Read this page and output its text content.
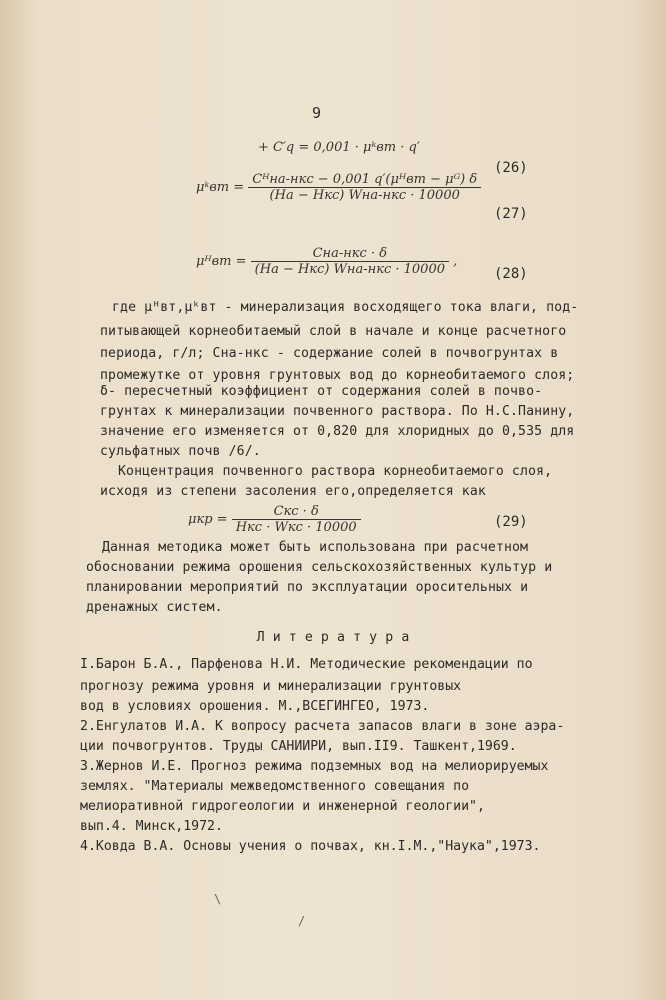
9
+ C′q = 0,001 · μᵏвт · q′
μᵏвт = $\frac{\text{Cᴴна-нкс − 0,001 q′(μᴴвт − μᴳ) δ}}{\text{(Hа − Hкс) Wна-нкс · 10000}}$
(26)
(27)
μᴴвт = $\frac{\text{Cна-нкс · δ}}{\text{(Hа − Hкс) Wна-нкс · 10000}}$ ,
(28)
где μᴴвт,μᵏвт - минерализация восходящего тока влаги, под-
питывающей корнеобитаемый слой в начале и конце расчетного
периода, г/л; Cна-нкс - содержание солей в почвогрунтах в
промежутке от уровня грунтовых вод до корнеобитаемого слоя;
δ- пересчетный коэффициент от содержания солей в почво-
грунтах к минерализации почвенного раствора. По Н.С.Панину,
значение его изменяется от 0,820 для хлоридных до 0,535 для
сульфатных почв /6/.
Концентрация почвенного раствора корнеобитаемого слоя,
исходя из степени засоления его,определяется как
$\mu кр = \frac{\text{Cкс · δ}}{\text{Hкс · Wкс · 10000}}$	(29)
Данная методика может быть использована при расчетном
обосновании режима орошения сельскохозяйственных культур и
планировании мероприятий по эксплуатации оросительных и
дренажных систем.
Л и т е р а т у р а
I.Барон Б.А., Парфенова Н.И. Методические рекомендации по
прогнозу режима уровня и минерализации грунтовых
вод в условиях орошения. М.,ВСЕГИНГЕО, 1973.
2.Енгулатов И.А. К вопросу расчета запасов влаги в зоне аэра-
ции почвогрунтов. Труды САНИИРИ, вып.II9. Ташкент,1969.
3.Жернов И.Е. Прогноз режима подземных вод на мелиорируемых
землях. "Материалы межведомственного совещания по
мелиоративной гидрогеологии и инженерной геологии",
вып.4. Минск,1972.
4.Ковда В.А. Основы учения о почвах, кн.I.М.,"Наука",1973.
\
/
